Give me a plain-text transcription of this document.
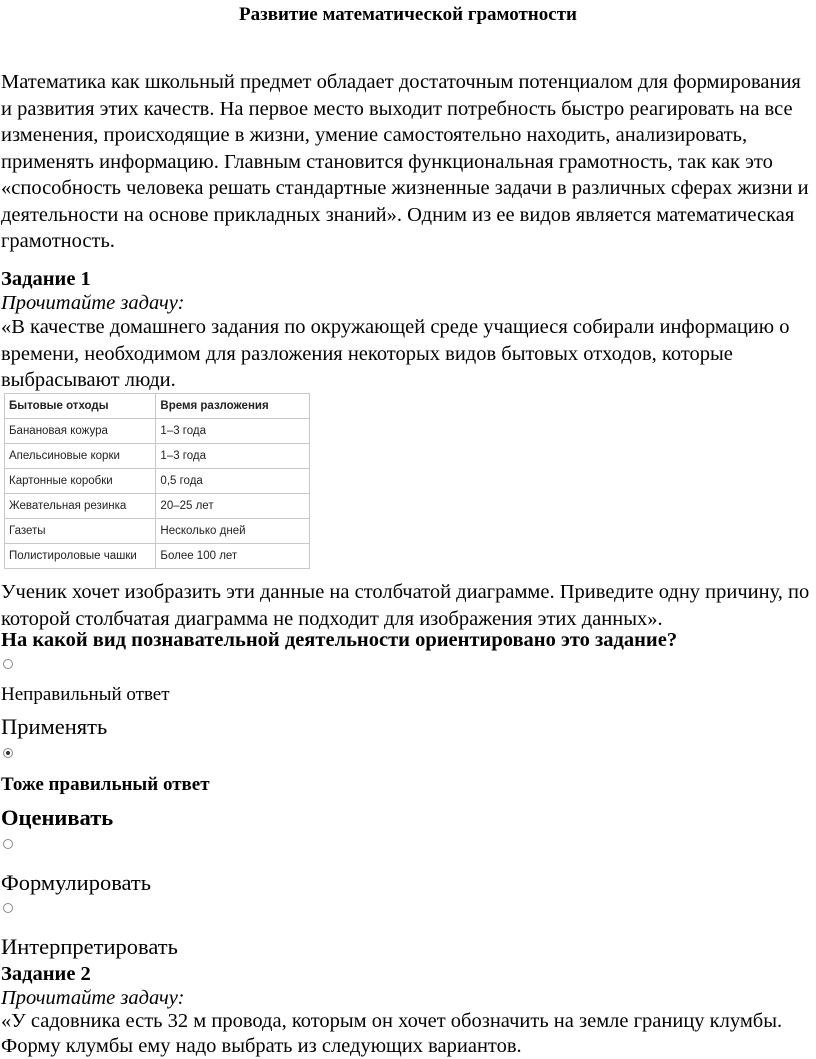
Развитие математической грамотности
Математика как школьный предмет обладает достаточным потенциалом для формирования и развития этих качеств. На первое место выходит потребность быстро реагировать на все изменения, происходящие в жизни, умение самостоятельно находить, анализировать, применять информацию. Главным становится функциональная грамотность, так как это «способность человека решать стандартные жизненные задачи в различных сферах жизни и деятельности на основе прикладных знаний». Одним из ее видов является математическая грамотность.
Задание 1
Прочитайте задачу:
«В качестве домашнего задания по окружающей среде учащиеся собирали информацию о времени, необходимом для разложения некоторых видов бытовых отходов, которые выбрасывают люди.
Бытовые отходы	Время разложения
Банановая кожура	1–3 года
Апельсиновые корки	1–3 года
Картонные коробки	0,5 года
Жевательная резинка	20–25 лет
Газеты	Несколько дней
Полистироловые чашки	Более 100 лет
Ученик хочет изобразить эти данные на столбчатой диаграмме. Приведите одну причину, по которой столбчатая диаграмма не подходит для изображения этих данных».
На какой вид познавательной деятельности ориентировано это задание?
Неправильный ответ
Применять
Тоже правильный ответ
Оценивать
Формулировать
Интерпретировать
Задание 2
Прочитайте задачу:
«У садовника есть 32 м провода, которым он хочет обозначить на земле границу клумбы. Форму клумбы ему надо выбрать из следующих вариантов.
